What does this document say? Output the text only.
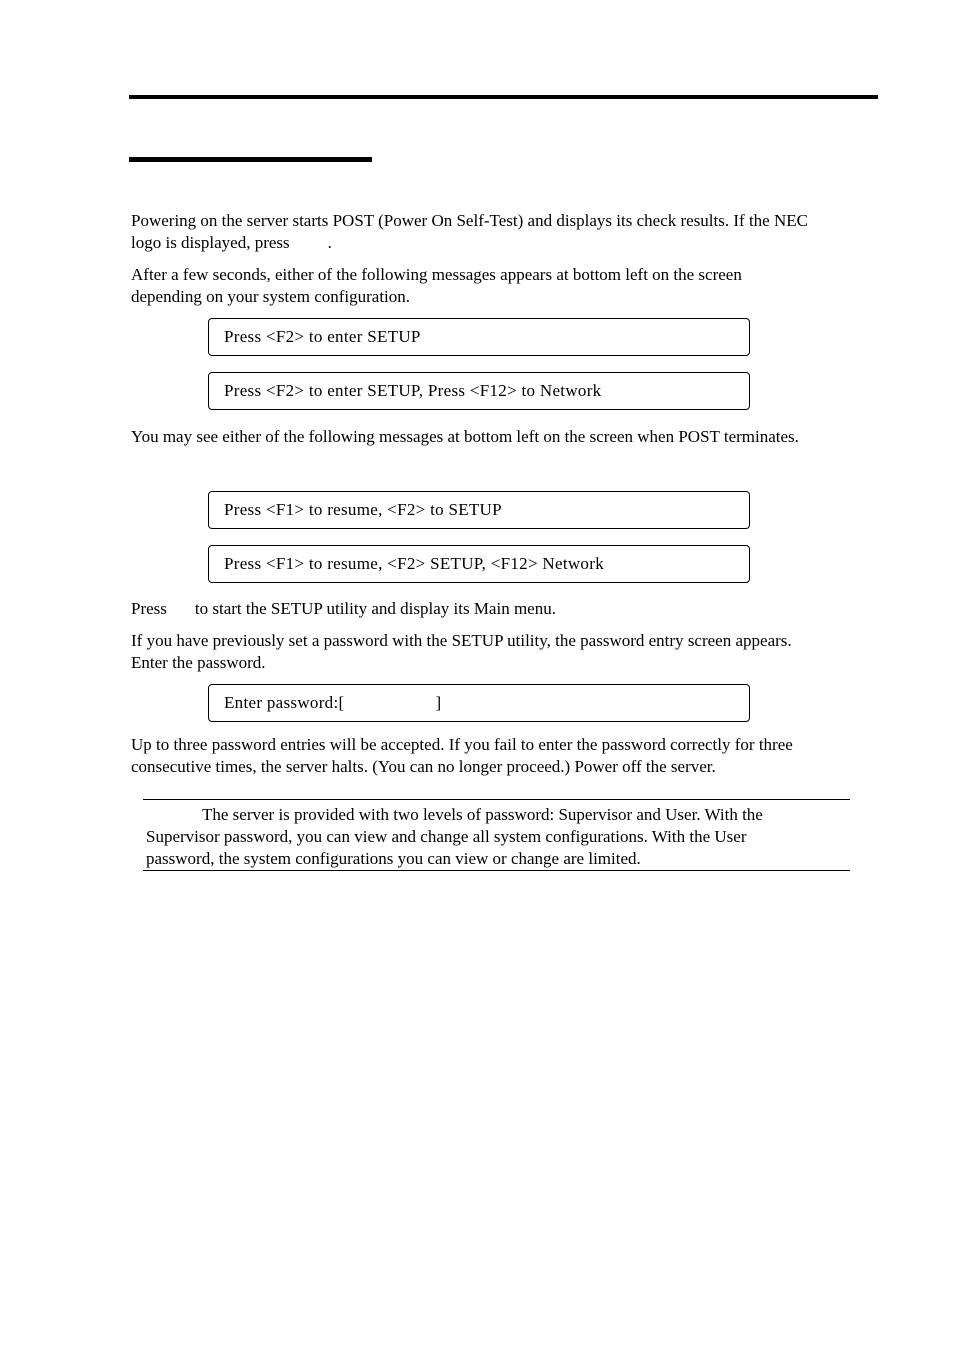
Powering on the server starts POST (Power On Self-Test) and displays its check results. If the NEC
logo is displayed, press .

After a few seconds, either of the following messages appears at bottom left on the screen
depending on your system configuration.

Press <F2> to enter SETUP
Press <F2> to enter SETUP, Press <F12> to Network

You may see either of the following messages at bottom left on the screen when POST terminates.

Press <F1> to resume, <F2> to SETUP
Press <F1> to resume, <F2> SETUP, <F12> Network

Press to start the SETUP utility and display its Main menu.

If you have previously set a password with the SETUP utility, the password entry screen appears.
Enter the password.

Enter password:[                    ]

Up to three password entries will be accepted. If you fail to enter the password correctly for three
consecutive times, the server halts. (You can no longer proceed.) Power off the server.

The server is provided with two levels of password: Supervisor and User. With the
Supervisor password, you can view and change all system configurations. With the User
password, the system configurations you can view or change are limited.
